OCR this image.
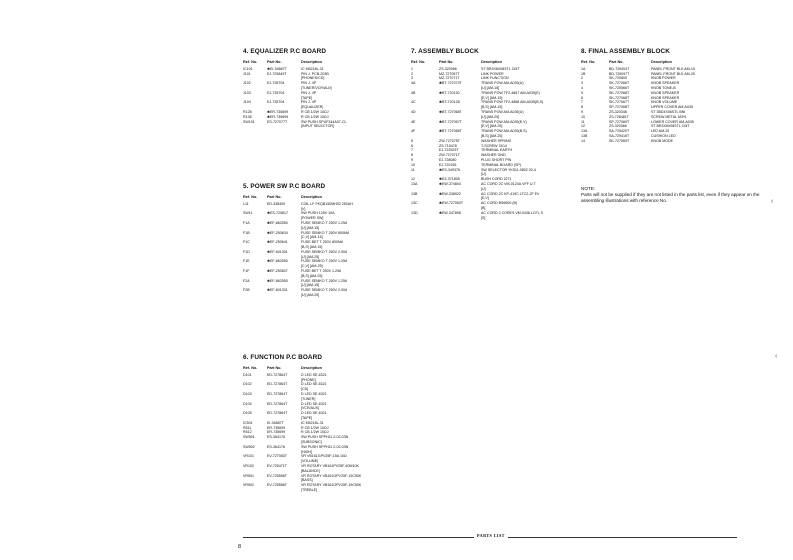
4. EQUALIZER P.C BOARD
Ref. No.	Part No.	Description
IC101	✱EI-34687T	IC M5218L-31
J101	EJ-725849T	PIN J. PCB-203B
[PHONES/CD]
J102	EJ-735704	PIN J. 4P
[TUNER/VCR/AUX]
J103	EJ-735704	PIN J. 4P
[TAPE]
J104	EJ-735704	PIN J. 4P
[EQUALIZER]
R128	✱ER-735699	R CB 1/2W 10ΩJ
R138	✱ER-735699	R CB 1/2W 10ΩJ
SW101	ES-727077T	SW PUSH SPUF344A37-CL
[INPUT SELECTOR]
5. POWER SW P.C BOARD
Ref. No.	Part No.	Description
L11	ED-338409	COIL LF FKQB150MH02 250UH
[V]
SW11	✱ES-720817	SW PUSH 125V 10A
[POWER SW]
F1A	✱EF-662550	FUSE SEMKO T 250V 1.25A
[U] [AM-15]
F1B	✱EF-250634	FUSE SEMKO T 250V 800MA
[C,V] [AM-15]
F1C	✱EF-250641	FUSE BET T 250V 800MA
[B,S] [AM-15]
F1D	✱EF-601301	FUSE SEMKO T 250V 2.00A
[U] [AM-25]
F1E	✱EF-662550	FUSE SEMKO T 250V 1.25A
[C,V] [AM-25]
F1F	✱EF-250607	FUSE BET T 250V 1.25A
[B,S] [AM-25]
F2A	✱EF-662550	FUSE SEMKO T 250V 1.25A
[U] [AM-15]
F2B	✱EF-601301	FUSE SEMKO T 250V 2.00A
[U] [AM-25]
6. FUNCTION P.C BOARD
Ref. No.	Part No.	Description
D101	ED-727864T	D LED SE-6321
[PHONE]
D102	ED-727864T	D LED SE-6321
[CD]
D103	ED-727864T	D LED SE-6321
[TUNER]
D104	ED-727864T	D LED SE-6321
[VCR/AUX]
D105	ED-727864T	D LED SE-6321
[TAPE]
IC501	EI-34687T	IC M5218L-31
R511	ER-735699	R CB 1/2W 10ΩJ
R512	ER-735699	R CB 1/2W 10ΩJ
SW501	ES-364176	SW PUSH SPPH11 2-02-03N
[SUBSONIC]
SW502	ES-364176	SW PUSH SPPH11 2-02-03N
[HIGH]
VR101	EV-727083T	VR VB161GPV25F-15A 10Ω
[VOLUME]
VR102	EV-725471T	VR ROTARY VB161PV25F-40M10K
[BALANCE]
VR501	EV-725556T	VR ROTARY VB161GPV25F-15C50K
[BASS]
VR502	EV-725556T	VR ROTARY VB161GPV25F-15C50K
[TREBLE]
7. ASSEMBLY BLOCK
Ref. No.	Part No.	Description
1	ZS-320066	ST BR3X6X08STL CMT
2	MZ-727067T	LINK POWER
3	MZ-727071T	LINK FUNCTION
4A	✱BT-727073T	TRANS POW AM-A035(U)
[U] [AM-15]
4B	✱BT-720130	TRANS POW TF2-4867 AM-A035(E)
[E,V] [AM-15]
4C	✱BT-720128	TRANS POW TF2-4868 AM-A035(B,S)
[B,S] [AM-15]
4D	✱BT-727068T	TRANS POW AM-A035(U)
[U] [AM-25]
4E	✱BT-727067T	TRANS POW AM-A035(E,V)
[E,V] [AM-25]
4F	✱BT-727066T	TRANS POW AM-A035(B,S)
[B,S] [AM-25]
5	ZW-727075T	WASHER SPRING
6	ZS-715478	T-SCREW 3X14
7	EJ-722529T	TERMINAL EARTH
8	ZW-727071T	WASHER GND
9	EJ-728080	PLUG SHORT PIN
10	EJ-720155	TERMINAL BOARD (SP)
11	✱ES-349376	SW SELECTOR YK511-0802 02-4
[U]
12	✱EZ-371805	BUSH CORD 2271
13A	✱EW-374804	AC CORD 2C VM-0124A.VFF U.T
[U]
13B	✱EW-338922	AC CORD 2C KP-419C.LTC2-2F EV
[E,V]
13C	✱EW-727063T	AC CORD BS6500 (B)
[B]
13D	✱EW-347898	AC CORD 2 CORES VM-0436.LCFL S
[S]
8. FINAL ASSEMBLY BLOCK
Ref. No.	Part No.	Description
1A	BD-729404T	PANEL FRONT BLK AM-15
1B	BD-729097T	PANEL FRONT BLK AM-25
2	SK-720800	KNOB POWER
3	SK-727066T	KNOB SPEAKER
4	SK-725566T	KNOB TONE-B
5	SK-727068T	KNOB SPEAKER
6	SK-727068T	KNOB SPEAKER
7	SK-727067T	KNOB VOLUME
8	SP-727068T	UPPER COVER AM-A035
9	ZS-320348	ST 3BD4X06STL BNI
10	ZS-728481T	SCREW METAL M3*6
11	SP-727069T	LOWER COVER AM-A035
12	ZS-320066	ST BR3X6X08STL CMT
13A	SA-729420T	LED AM-25
13B	SA-729416T	CUSHION LED
14	SK-727069T	KNOB MODE
NOTE:
Parts will not be supplied if they are not listed in the parts list, even if they appear on the assembling illustrations with reference No.
PARTS LIST
8
‹
‹
